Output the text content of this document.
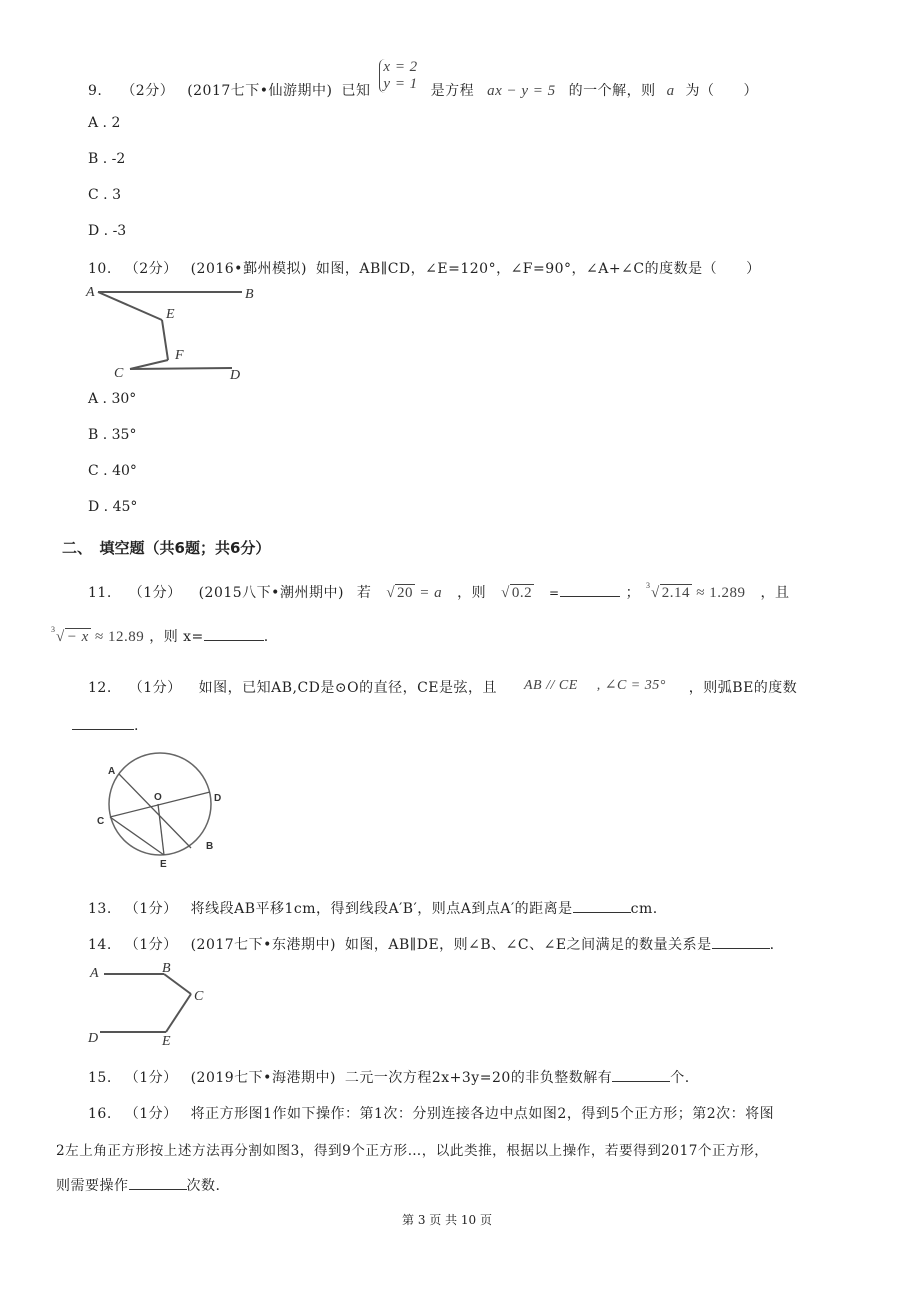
9. （2分） (2017七下•仙游期中) 已知 x = 2
y = 1 是方程 ax − y = 5 的一个解，则 a 为（　　）
A . 2
B . -2
C . 3
D . -3
10. （2分） (2016•鄞州模拟) 如图，AB∥CD，∠E=120°，∠F=90°，∠A+∠C的度数是（　　）
A	B
E
F
C	D
A . 30°
B . 35°
C . 40°
D . 45°
二、　填空题（共6题；共6分）
11. （1分） (2015八下•潮州期中) 若 √ 20 = a ，则 √ 0.2 =	； 3 √ 2.14 ≈ 1.289 ，且
3 √ − x ≈ 12.89 ，则 x=	.
12. （1分） 如图，已知AB,CD是⊙O的直径，CE是弦，且 AB // CE , ∠C = 35° ，则弧BE的度数
.
A
O	D
C
B
E
13. （1分） 将线段AB平移1cm，得到线段A′B′，则点A到点A′的距离是	cm.
14. （1分） (2017七下•东港期中) 如图，AB∥DE，则∠B、∠C、∠E之间满足的数量关系是	.
A	B
C
D	E
15. （1分） (2019七下•海港期中) 二元一次方程2x+3y=20的非负整数解有	个.
16. （1分） 将正方形图1作如下操作：第1次：分别连接各边中点如图2，得到5个正方形；第2次：将图
2左上角正方形按上述方法再分割如图3，得到9个正方形…，以此类推，根据以上操作，若要得到2017个正方形，
则需要操作	次数.
第 3 页 共 10 页
